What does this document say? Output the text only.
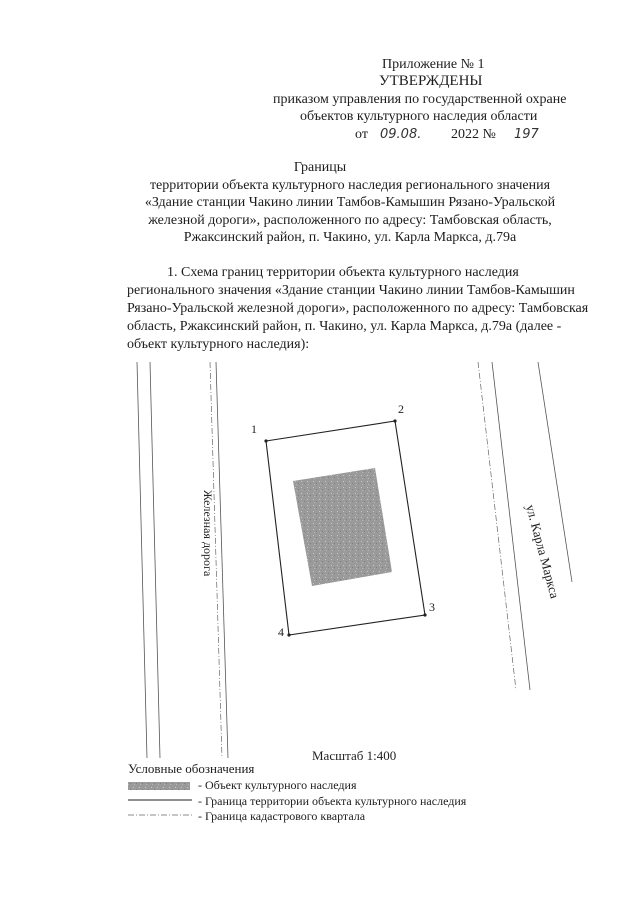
Приложение № 1
УТВЕРЖДЕНЫ
приказом управления по государственной охране
объектов культурного наследия области
от 09.08. 2022 № 197
Границы
территории объекта культурного наследия регионального значения
«Здание станции Чакино линии Тамбов-Камышин Рязано-Уральской
железной дороги», расположенного по адресу: Тамбовская область,
Ржаксинский район, п. Чакино, ул. Карла Маркса, д.79а
1. Схема границ территории объекта культурного наследия
регионального значения «Здание станции Чакино линии Тамбов-Камышин
Рязано-Уральской железной дороги», расположенного по адресу: Тамбовская
область, Ржаксинский район, п. Чакино, ул. Карла Маркса, д.79а (далее -
объект культурного наследия):
1
2
3
4
Железная дорога	ул. Карла Маркса
Масштаб 1:400
Условные обозначения
- Объект культурного наследия
- Граница территории объекта культурного наследия
- Граница кадастрового квартала
